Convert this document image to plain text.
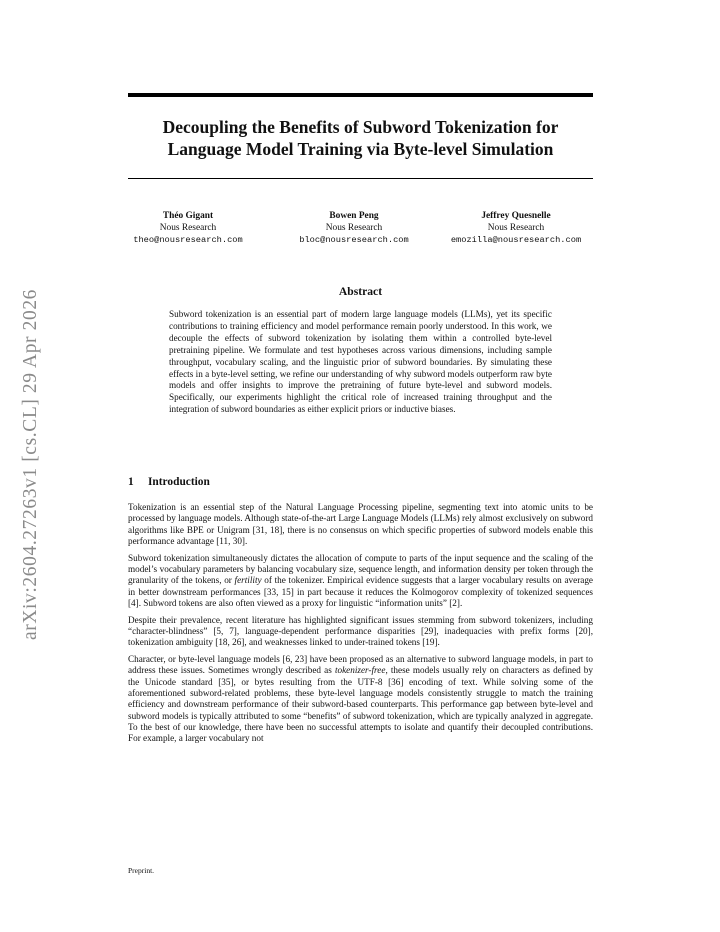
arXiv:2604.27263v1 [cs.CL] 29 Apr 2026
Decoupling the Benefits of Subword Tokenization for
Language Model Training via Byte-level Simulation
Théo Gigant
Nous Research
theo@nousresearch.com
Bowen Peng
Nous Research
bloc@nousresearch.com
Jeffrey Quesnelle
Nous Research
emozilla@nousresearch.com
Abstract

Subword tokenization is an essential part of modern large language models (LLMs), yet its specific contributions to training efficiency and model performance remain poorly understood. In this work, we decouple the effects of subword tokenization by isolating them within a controlled byte-level pretraining pipeline. We formulate and test hypotheses across various dimensions, including sample throughput, vocabulary scaling, and the linguistic prior of subword boundaries. By simulating these effects in a byte-level setting, we refine our understanding of why subword models outperform raw byte models and offer insights to improve the pretraining of future byte-level and subword models. Specifically, our experiments highlight the critical role of increased training throughput and the integration of subword boundaries as either explicit priors or inductive biases.

1 Introduction

Tokenization is an essential step of the Natural Language Processing pipeline, segmenting text into atomic units to be processed by language models. Although state-of-the-art Large Language Models (LLMs) rely almost exclusively on subword algorithms like BPE or Unigram [31, 18], there is no consensus on which specific properties of subword models enable this performance advantage [11, 30].

Subword tokenization simultaneously dictates the allocation of compute to parts of the input sequence and the scaling of the model’s vocabulary parameters by balancing vocabulary size, sequence length, and information density per token through the granularity of the tokens, or fertility of the tokenizer. Empirical evidence suggests that a larger vocabulary results on average in better downstream performances [33, 15] in part because it reduces the Kolmogorov complexity of tokenized sequences [4]. Subword tokens are also often viewed as a proxy for linguistic “information units” [2].

Despite their prevalence, recent literature has highlighted significant issues stemming from subword tokenizers, including “character-blindness” [5, 7], language-dependent performance disparities [29], inadequacies with prefix forms [20], tokenization ambiguity [18, 26], and weaknesses linked to under-trained tokens [19].

Character, or byte-level language models [6, 23] have been proposed as an alternative to subword language models, in part to address these issues. Sometimes wrongly described as tokenizer-free, these models usually rely on characters as defined by the Unicode standard [35], or bytes resulting from the UTF-8 [36] encoding of text. While solving some of the aforementioned subword-related problems, these byte-level language models consistently struggle to match the training efficiency and downstream performance of their subword-based counterparts. This performance gap between byte-level and subword models is typically attributed to some “benefits” of subword tokenization, which are typically analyzed in aggregate. To the best of our knowledge, there have been no successful attempts to isolate and quantify their decoupled contributions. For example, a larger vocabulary not

Preprint.
